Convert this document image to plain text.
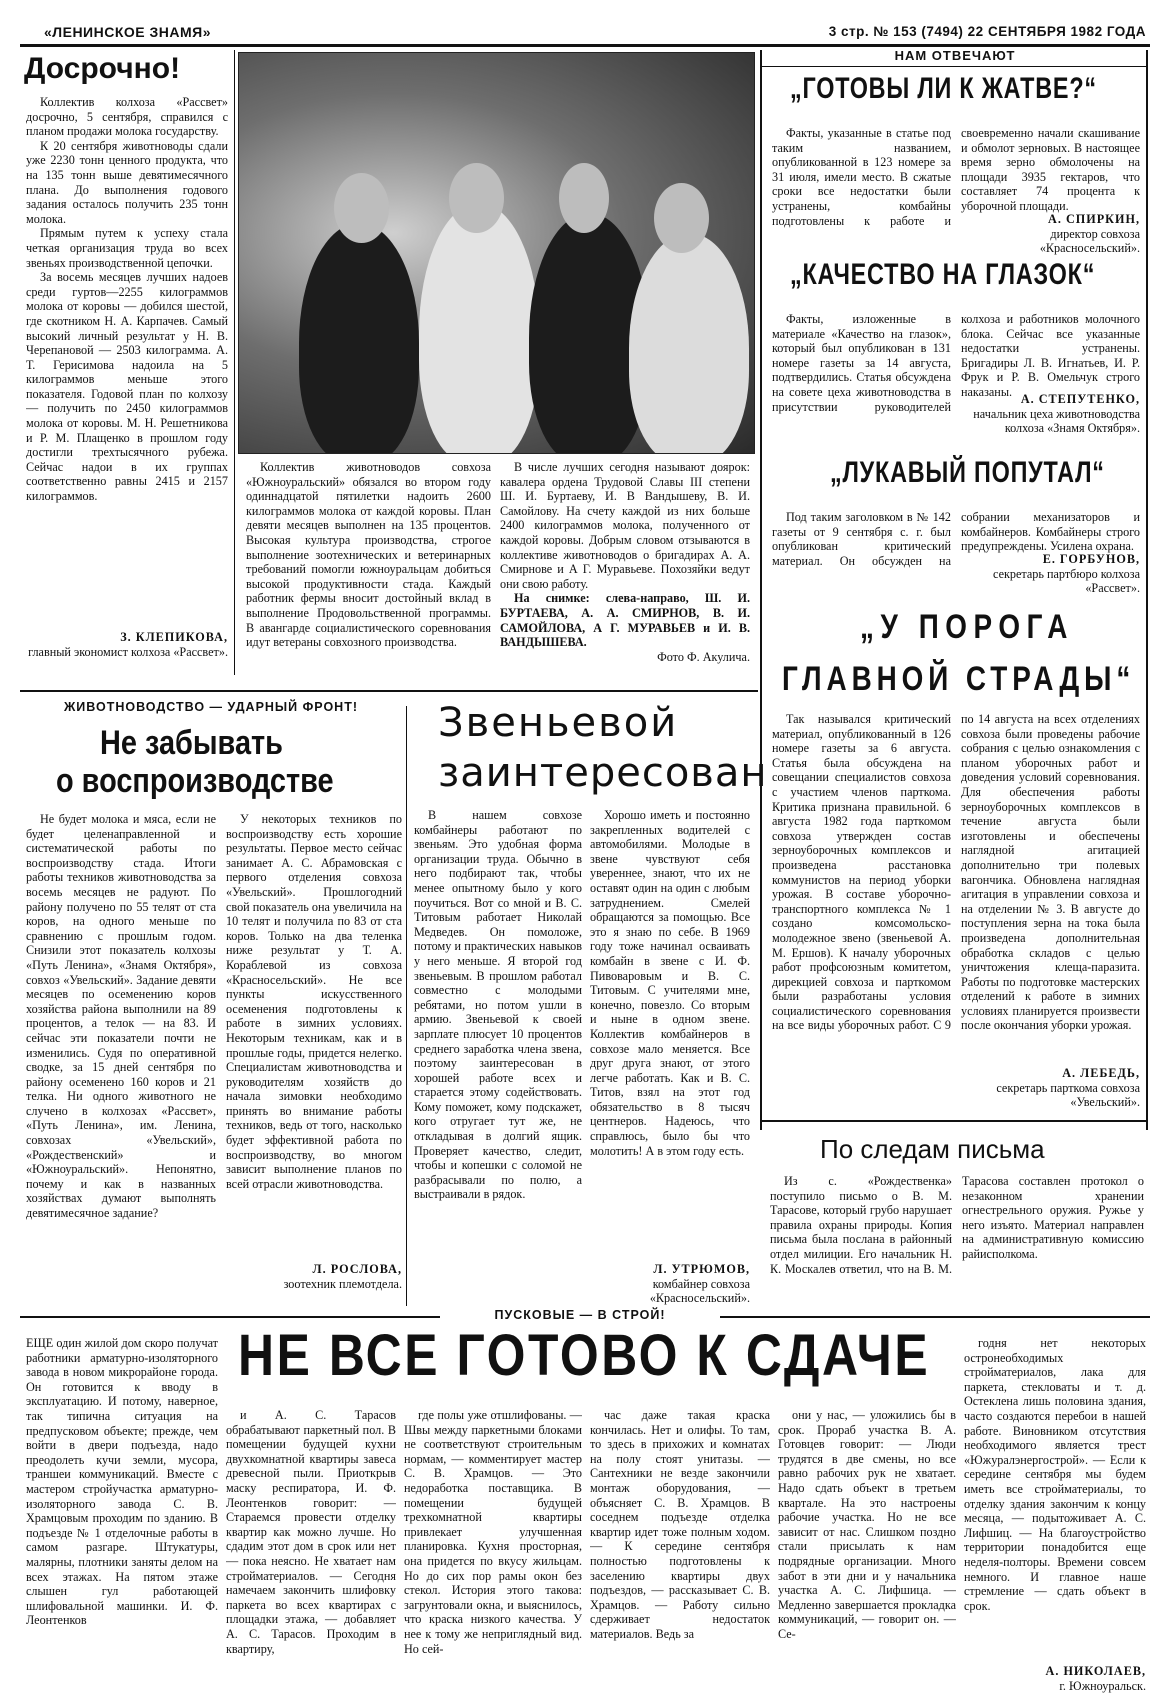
«ЛЕНИНСКОЕ ЗНАМЯ»	3 стр. № 153 (7494) 22 СЕНТЯБРЯ 1982 ГОДА
Досрочно!

Коллектив колхоза «Рассвет» досрочно, 5 сентября, справился с планом продажи молока государству.

К 20 сентября животноводы сдали уже 2230 тонн ценного продукта, что на 135 тонн выше девятимесячного плана. До выполнения годового задания осталось получить 235 тонн молока.

Прямым путем к успеху стала четкая организация труда во всех звеньях производственной цепочки.

За восемь месяцев лучших надоев среди гуртов—2255 килограммов молока от коровы — добился шестой, где скотником Н. А. Карпачев. Самый высокий личный результат у Н. В. Черепановой — 2503 килограмма. А. Т. Герисимова надоила на 5 килограммов меньше этого показателя. Годовой план по колхозу — получить по 2450 килограммов молока от коровы. М. Н. Решетникова и Р. М. Плащенко в прошлом году достигли трехтысячного рубежа. Сейчас надои в их группах соответственно равны 2415 и 2157 килограммов.

З. КЛЕПИКОВА,
главный экономист колхоза «Рассвет».

Коллектив животноводов совхоза «Южноуральский» обязался во втором году одиннадцатой пятилетки надоить 2600 килограммов молока от каждой коровы. План девяти месяцев выполнен на 135 процентов. Высокая культура производства, строгое выполнение зоотехнических и ветеринарных требований помогли южноуральцам добиться высокой продуктивности стада. Каждый работник фермы вносит достойный вклад в выполнение Продовольственной программы. В авангарде социалистического соревнования идут ветераны совхозного производства.

В числе лучших сегодня называют доярок: кавалера ордена Трудовой Славы III степени Ш. И. Буртаеву, И. В Вандышеву, В. И. Самойлову. На счету каждой из них больше 2400 килограммов молока, полученного от каждой коровы. Добрым словом отзываются в коллективе животноводов о бригадирах А. А. Смирнове и А Г. Муравьеве. Похозяйки ведут они свою работу.

На снимке: слева-направо, Ш. И. БУРТАЕВА, А. А. СМИРНОВ, В. И. САМОЙЛОВА, А Г. МУРАВЬЕВ и И. В. ВАНДЫШЕВА.

Фото Ф. Акулича.
НАМ ОТВЕЧАЮТ
„ГОТОВЫ ЛИ К ЖАТВЕ?“

Факты, указанные в статье под таким названием, опубликованной в 123 номере за 31 июля, имели место. В сжатые сроки все недостатки были устранены, комбайны подготовлены к работе и своевременно начали скашивание и обмолот зерновых. В настоящее время зерно обмолочены на площади 3935 гектаров, что составляет 74 процента к уборочной площади.

А. СПИРКИН,
директор совхоза «Красносельский».
„КАЧЕСТВО НА ГЛАЗОК“

Факты, изложенные в материале «Качество на глазок», который был опубликован в 131 номере газеты за 14 августа, подтвердились. Статья обсуждена на совете цеха животноводства в присутствии руководителей колхоза и работников молочного блока. Сейчас все указанные недостатки устранены. Бригадиры Л. В. Игнатьев, И. Р. Фрук и Р. В. Омельчук строго наказаны.

А. СТЕПУТЕНКО,
начальник цеха животноводства колхоза «Знамя Октября».
„ЛУКАВЫЙ ПОПУТАЛ“

Под таким заголовком в № 142 газеты от 9 сентября с. г. был опубликован критический материал. Он обсужден на собрании механизаторов и комбайнеров. Комбайнеры строго предупреждены. Усилена охрана.

Е. ГОРБУНОВ,
секретарь партбюро колхоза «Рассвет».
„У ПОРОГА
ГЛАВНОЙ СТРАДЫ“

Так назывался критический материал, опубликованный в 126 номере газеты за 6 августа. Статья была обсуждена на совещании специалистов совхоза с участием членов парткома. Критика признана правильной. 6 августа 1982 года парткомом совхоза утвержден состав зерноуборочных комплексов и произведена расстановка коммунистов на период уборки урожая. В составе уборочно-транспортного комплекса № 1 создано комсомольско-молодежное звено (звеньевой А. М. Ершов). К началу уборочных работ профсоюзным комитетом, дирекцией совхоза и парткомом были разработаны условия социалистического соревнования на все виды уборочных работ. С 9 по 14 августа на всех отделениях совхоза были проведены рабочие собрания с целью ознакомления с планом уборочных работ и доведения условий соревнования. Для обеспечения работы зерноуборочных комплексов в течение августа были изготовлены и обеспечены наглядной агитацией дополнительно три полевых вагончика. Обновлена наглядная агитация в управлении совхоза и на отделении № 3. В августе до поступления зерна на тока была произведена дополнительная обработка складов с целью уничтожения клеща-паразита. Работы по подготовке мастерских отделений к работе в зимних условиях планируется произвести после окончания уборки урожая.

А. ЛЕБЕДЬ,
секретарь парткома совхоза «Увельский».
По следам письма

Из с. «Рождественка» поступило письмо о В. М. Тарасове, который грубо нарушает правила охраны природы. Копия письма была послана в районный отдел милиции. Его начальник Н. К. Москалев ответил, что на В. М. Тарасова составлен протокол о незаконном хранении огнестрельного оружия. Ружье у него изъято. Материал направлен на административную комиссию райисполкома.

ЖИВОТНОВОДСТВО — УДАРНЫЙ ФРОНТ!
Не забывать
о воспроизводстве

Не будет молока и мяса, если не будет целенаправленной и систематической работы по воспроизводству стада. Итоги работы техников животноводства за восемь месяцев не радуют. По району получено по 55 телят от ста коров, на одного меньше по сравнению с прошлым годом. Снизили этот показатель колхозы «Путь Ленина», «Знамя Октября», совхоз «Увельский». Задание девяти месяцев по осеменению коров хозяйства района выполнили на 89 процентов, а телок — на 83. И сейчас эти показатели почти не изменились. Судя по оперативной сводке, за 15 дней сентября по району осеменено 160 коров и 21 телка. Ни одного животного не случено в колхозах «Рассвет», «Путь Ленина», им. Ленина, совхозах «Увельский», «Рождественский» и «Южноуральский». Непонятно, почему и как в названных хозяйствах думают выполнять девятимесячное задание?

У некоторых техников по воспроизводству есть хорошие результаты. Первое место сейчас занимает А. С. Абрамовская с первого отделения совхоза «Увельский». Прошлогодний свой показатель она увеличила на 10 телят и получила по 83 от ста коров. Только на два теленка ниже результат у Т. А. Кораблевой из совхоза «Красносельский». Не все пункты искусственного осеменения подготовлены к работе в зимних условиях. Некоторым техникам, как и в прошлые годы, придется нелегко. Специалистам животноводства и руководителям хозяйств до начала зимовки необходимо принять во внимание работы техников, ведь от того, насколько будет эффективной работа по воспроизводству, во многом зависит выполнение планов по всей отрасли животноводства.

Л. РОСЛОВА,
зоотехник племотдела.
Звеньевой
заинтересован

В нашем совхозе комбайнеры работают по звеньям. Это удобная форма организации труда. Обычно в него подбирают так, чтобы менее опытному было у кого поучиться. Вот со мной и В. С. Титовым работает Николай Медведев. Он помоложе, потому и практических навыков у него меньше. Я второй год звеньевым. В прошлом работал совместно с молодыми ребятами, но потом ушли в армию. Звеньевой к своей зарплате плюсует 10 процентов среднего заработка члена звена, поэтому заинтересован в хорошей работе всех и старается этому содействовать. Кому поможет, кому подскажет, кого отругает тут же, не откладывая в долгий ящик. Проверяет качество, следит, чтобы и копешки с соломой не разбрасывали по полю, а выстраивали в рядок.

Хорошо иметь и постоянно закрепленных водителей с автомобилями. Молодые в звене чувствуют себя увереннее, знают, что их не оставят один на один с любым затруднением. Смелей обращаются за помощью. Все это я знаю по себе. В 1969 году тоже начинал осваивать комбайн в звене с И. Ф. Пивоваровым и В. С. Титовым. С учителями мне, конечно, повезло. Со вторым и ныне в одном звене. Коллектив комбайнеров в совхозе мало меняется. Все друг друга знают, от этого легче работать. Как и В. С. Титов, взял на этот год обязательство в 8 тысяч центнеров. Надеюсь, что справлюсь, было бы что молотить! А в этом году есть.

Л. УТРЮМОВ,
комбайнер совхоза «Красносельский».
ПУСКОВЫЕ — В СТРОЙ!
НЕ ВСЕ ГОТОВО К СДАЧЕ

ЕЩЕ один жилой дом скоро получат работники арматурно-изоляторного завода в новом микрорайоне города. Он готовится к вводу в эксплуатацию. И потому, наверное, так типична ситуация на предпусковом объекте; прежде, чем войти в двери подъезда, надо преодолеть кучи земли, мусора, траншеи коммуникаций. Вместе с мастером стройучастка арматурно-изоляторного завода С. В. Храмцовым проходим по зданию. В подъезде № 1 отделочные работы в самом разгаре. Штукатуры, малярны, плотники заняты делом на всех этажах. На пятом этаже слышен гул работающей шлифовальной машинки. И. Ф. Леонтенков

и А. С. Тарасов обрабатывают паркетный пол. В помещении будущей кухни двухкомнатной квартиры завеса древесной пыли. Приоткрыв маску респиратора, И. Ф. Леонтенков говорит: — Стараемся провести отделку квартир как можно лучше. Но сдадим этот дом в срок или нет — пока неясно. Не хватает нам стройматериалов. — Сегодня намечаем закончить шлифовку паркета во всех квартирах с площадки этажа, — добавляет А. С. Тарасов. Проходим в квартиру,

где полы уже отшлифованы. — Швы между паркетными блоками не соответствуют строительным нормам, — комментирует мастер С. В. Храмцов. — Это недоработка поставщика. В помещении будущей трехкомнатной квартиры привлекает улучшенная планировка. Кухня просторная, она придется по вкусу жильцам. Но до сих пор рамы окон без стекол. История этого такова: загрунтовали окна, и выяснилось, что краска низкого качества. У нее к тому же неприглядный вид. Но сей-

час даже такая краска кончилась. Нет и олифы. То там, то здесь в прихожих и комнатах на полу стоят унитазы. — Сантехники не везде закончили монтаж оборудования, — объясняет С. В. Храмцов. В соседнем подъезде отделка квартир идет тоже полным ходом. — К середине сентября полностью подготовлены к заселению квартиры двух подъездов, — рассказывает С. В. Храмцов. — Работу сильно сдерживает недостаток материалов. Ведь за

они у нас, — уложились бы в срок. Прораб участка В. А. Готовцев говорит: — Люди трудятся в две смены, но все равно рабочих рук не хватает. Надо сдать объект в третьем квартале. На это настроены рабочие участка. Но не все зависит от нас. Слишком поздно стали присылать к нам подрядные организации. Много забот в эти дни и у начальника участка А. С. Лифшица. — Медленно завершается прокладка коммуникаций, — говорит он. — Се-

годня нет некоторых остронеобходимых стройматериалов, лака для паркета, стекловаты и т. д. Остеклена лишь половина здания, часто создаются перебои в нашей работе. Виновником отсутствия необходимого является трест «Южуралэнергострой». — Если к середине сентября мы будем иметь все стройматериалы, то отделку здания закончим к концу месяца, — подытоживает А. С. Лифшиц. — На благоустройство территории понадобится еще неделя-полторы. Времени совсем немного. И главное наше стремление — сдать объект в срок.

А. НИКОЛАЕВ,
г. Южноуральск.
